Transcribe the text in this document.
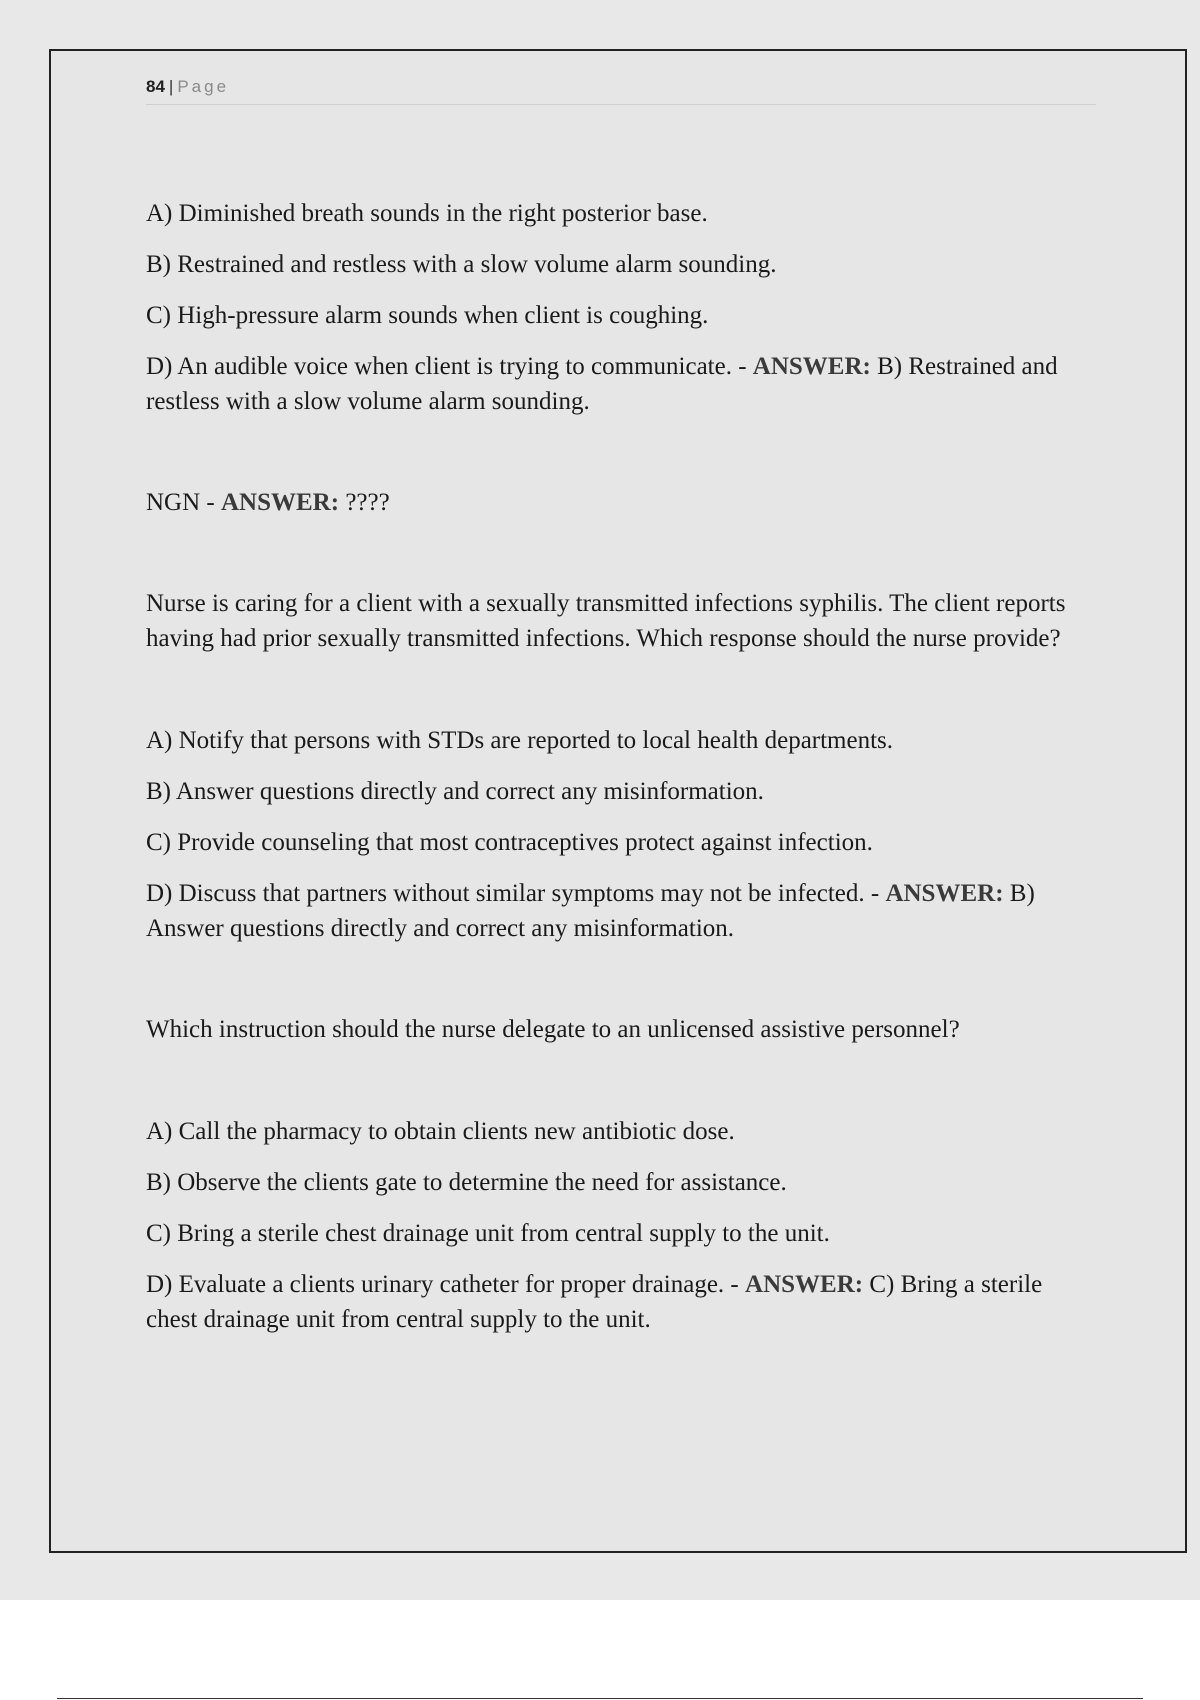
84 | Page

A) Diminished breath sounds in the right posterior base.

B) Restrained and restless with a slow volume alarm sounding.

C) High-pressure alarm sounds when client is coughing.

D) An audible voice when client is trying to communicate. - ANSWER: B) Restrained and restless with a slow volume alarm sounding.

NGN - ANSWER: ????

Nurse is caring for a client with a sexually transmitted infections syphilis. The client reports having had prior sexually transmitted infections. Which response should the nurse provide?

A) Notify that persons with STDs are reported to local health departments.

B) Answer questions directly and correct any misinformation.

C) Provide counseling that most contraceptives protect against infection.

D) Discuss that partners without similar symptoms may not be infected. - ANSWER: B) Answer questions directly and correct any misinformation.

Which instruction should the nurse delegate to an unlicensed assistive personnel?

A) Call the pharmacy to obtain clients new antibiotic dose.

B) Observe the clients gate to determine the need for assistance.

C) Bring a sterile chest drainage unit from central supply to the unit.

D) Evaluate a clients urinary catheter for proper drainage. - ANSWER: C) Bring a sterile chest drainage unit from central supply to the unit.
